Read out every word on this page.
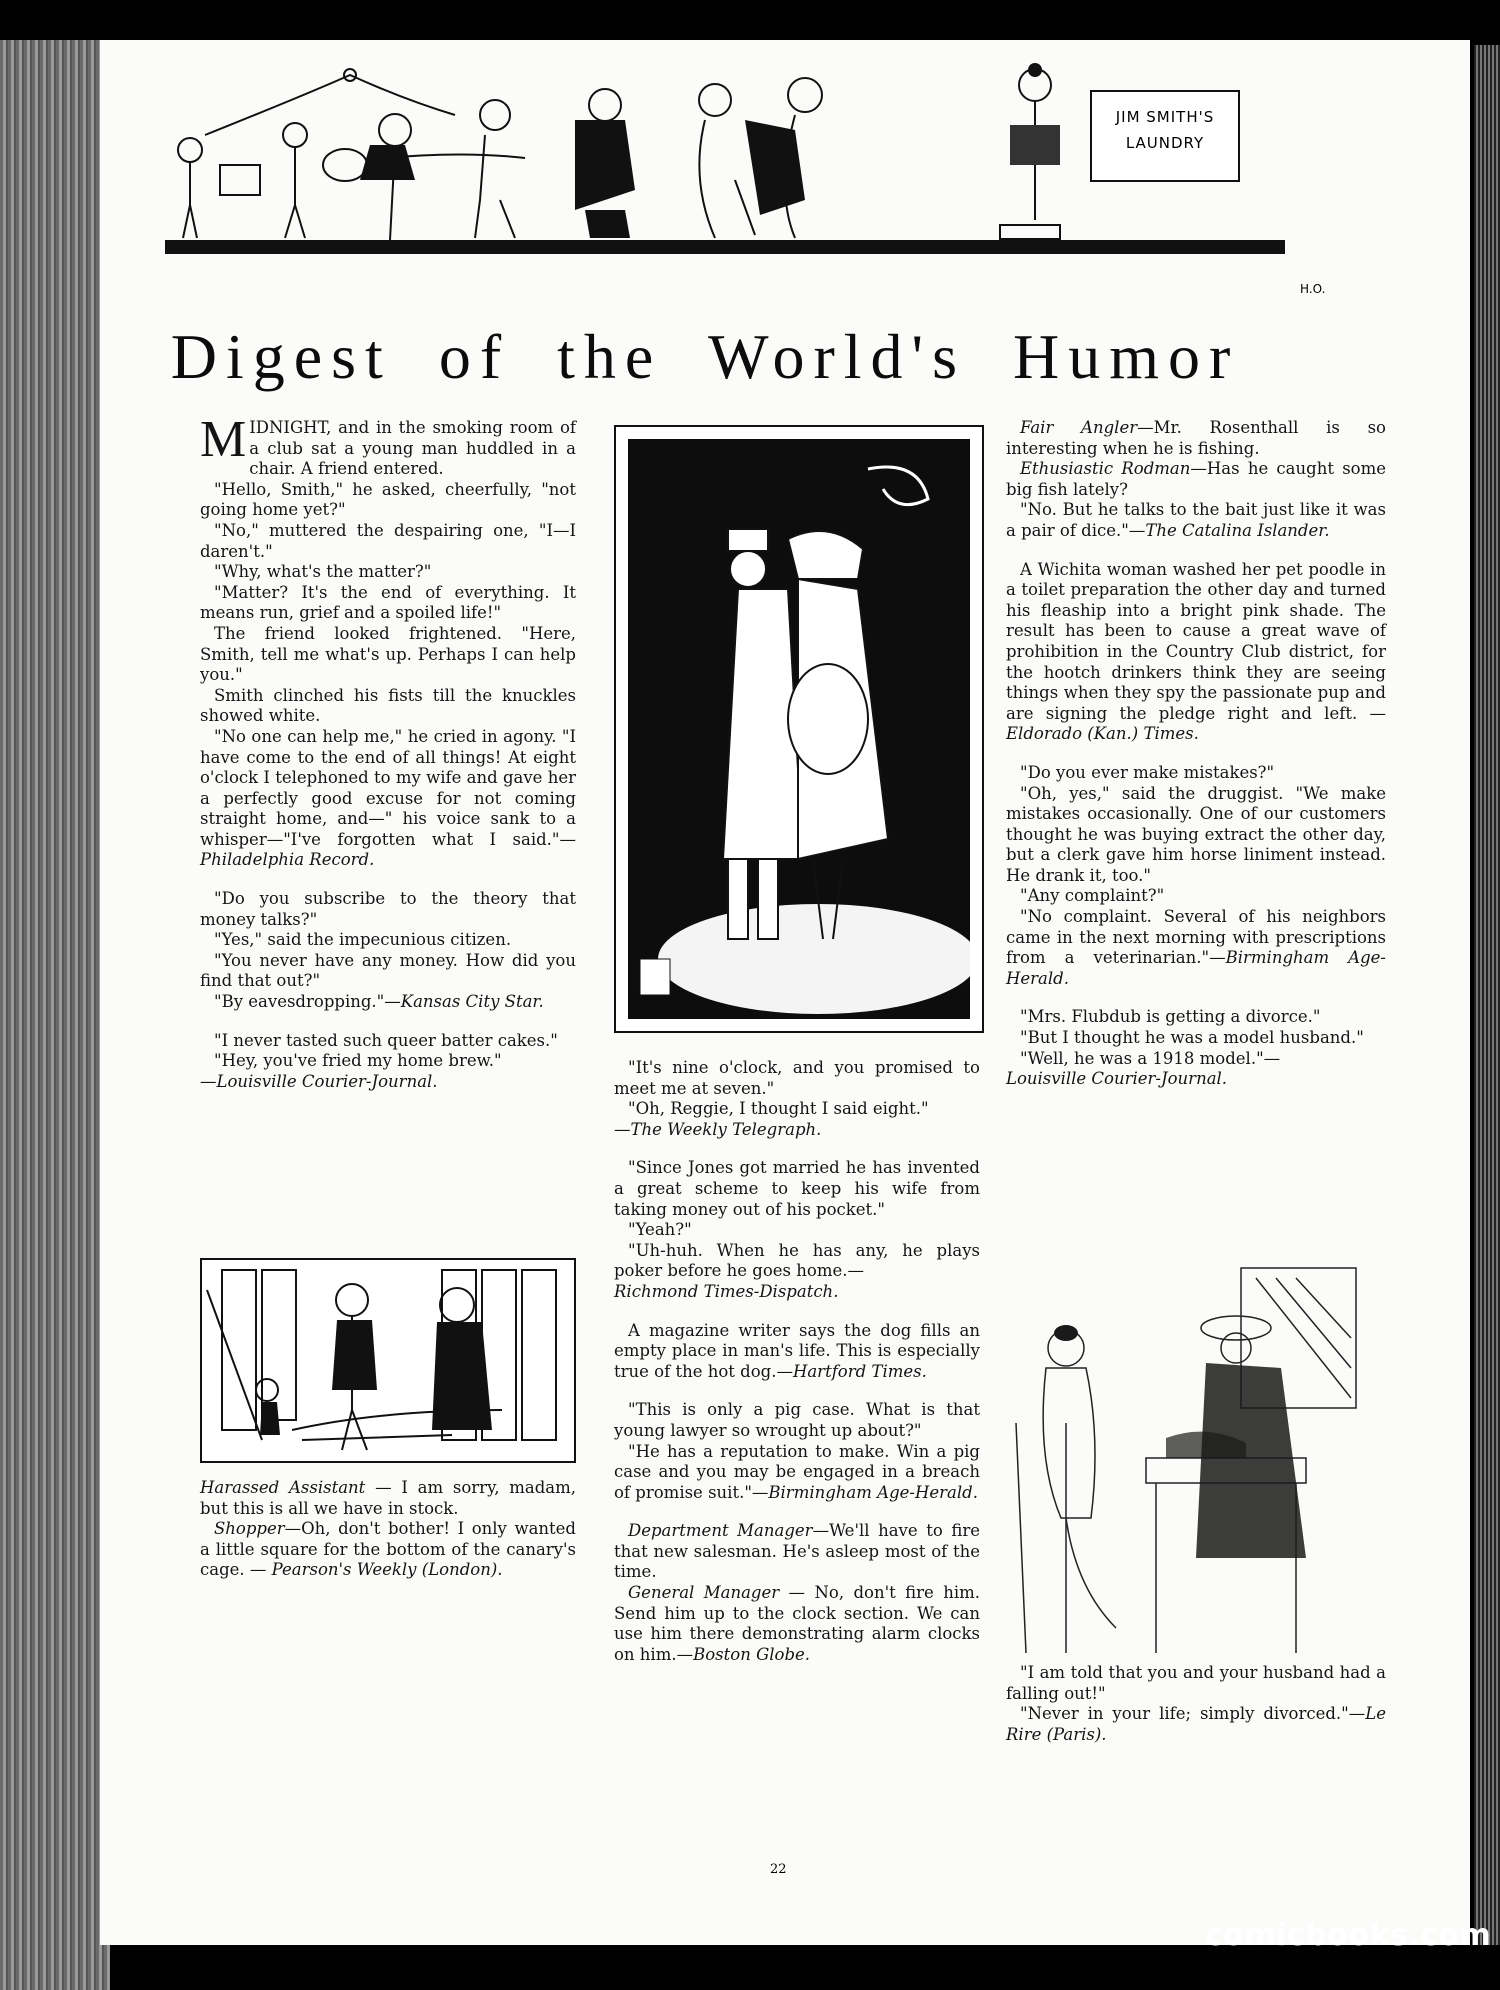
JIM SMITH'S
LAUNDRY
H.O.
Digest of the World's Humor

MIDNIGHT, and in the smoking room of a club sat a young man huddled in a chair. A friend entered.

"Hello, Smith," he asked, cheerfully, "not going home yet?"

"No," muttered the despairing one, "I—I daren't."

"Why, what's the matter?"

"Matter? It's the end of everything. It means run, grief and a spoiled life!"

The friend looked frightened. "Here, Smith, tell me what's up. Perhaps I can help you."

Smith clinched his fists till the knuckles showed white.

"No one can help me," he cried in agony. "I have come to the end of all things! At eight o'clock I telephoned to my wife and gave her a perfectly good excuse for not coming straight home, and—" his voice sank to a whisper—"I've forgotten what I said."—Philadelphia Record.

"Do you subscribe to the theory that money talks?"

"Yes," said the impecunious citizen.

"You never have any money. How did you find that out?"

"By eavesdropping."—Kansas City Star.

"I never tasted such queer batter cakes."

"Hey, you've fried my home brew."

—Louisville Courier-Journal.

Harassed Assistant — I am sorry, madam, but this is all we have in stock.

Shopper—Oh, don't bother! I only wanted a little square for the bottom of the canary's cage. — Pearson's Weekly (London).

"It's nine o'clock, and you promised to meet me at seven."

"Oh, Reggie, I thought I said eight."

—The Weekly Telegraph.

"Since Jones got married he has invented a great scheme to keep his wife from taking money out of his pocket."

"Yeah?"

"Uh-huh. When he has any, he plays poker before he goes home.—

Richmond Times-Dispatch.

A magazine writer says the dog fills an empty place in man's life. This is especially true of the hot dog.—Hartford Times.

"This is only a pig case. What is that young lawyer so wrought up about?"

"He has a reputation to make. Win a pig case and you may be engaged in a breach of promise suit."—Birmingham Age-Herald.

Department Manager—We'll have to fire that new salesman. He's asleep most of the time.

General Manager — No, don't fire him. Send him up to the clock section. We can use him there demonstrating alarm clocks on him.—Boston Globe.

Fair Angler—Mr. Rosenthall is so interesting when he is fishing.

Ethusiastic Rodman—Has he caught some big fish lately?

"No. But he talks to the bait just like it was a pair of dice."—The Catalina Islander.

A Wichita woman washed her pet poodle in a toilet preparation the other day and turned his fleaship into a bright pink shade. The result has been to cause a great wave of prohibition in the Country Club district, for the hootch drinkers think they are seeing things when they spy the passionate pup and are signing the pledge right and left. — Eldorado (Kan.) Times.

"Do you ever make mistakes?"

"Oh, yes," said the druggist. "We make mistakes occasionally. One of our customers thought he was buying extract the other day, but a clerk gave him horse liniment instead. He drank it, too."

"Any complaint?"

"No complaint. Several of his neighbors came in the next morning with prescriptions from a veterinarian."—Birmingham Age-Herald.

"Mrs. Flubdub is getting a divorce."

"But I thought he was a model husband."

"Well, he was a 1918 model."—

Louisville Courier-Journal.

"I am told that you and your husband had a falling out!"

"Never in your life; simply divorced."—Le Rire (Paris).

22
comicbooks.com
